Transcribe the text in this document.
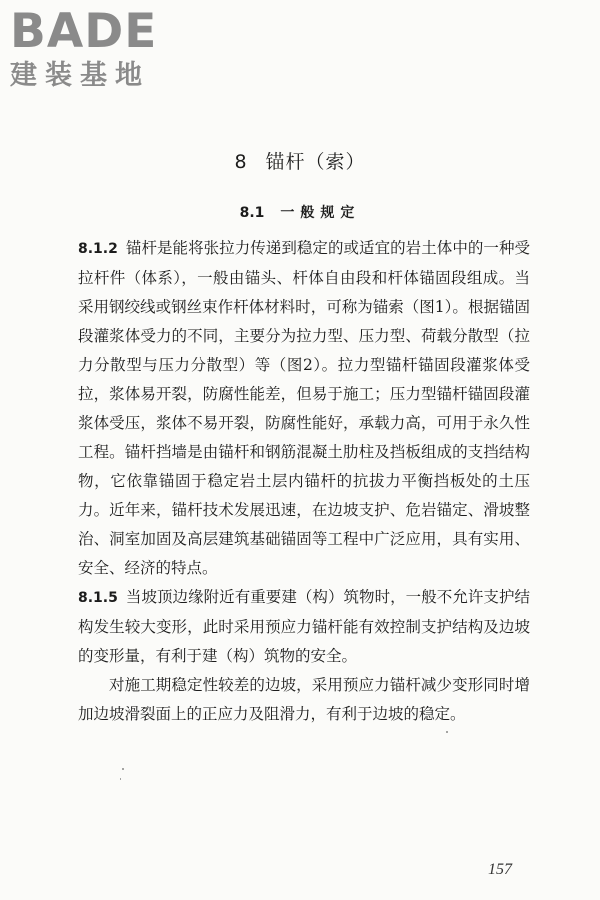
BADE
建装基地
8 锚杆（索）
8.1 一般规定

8.1.2 锚杆是能将张拉力传递到稳定的或适宜的岩土体中的一种受拉杆件（体系），一般由锚头、杆体自由段和杆体锚固段组成。当采用钢绞线或钢丝束作杆体材料时，可称为锚索（图1）。根据锚固段灌浆体受力的不同，主要分为拉力型、压力型、荷载分散型（拉力分散型与压力分散型）等（图2）。拉力型锚杆锚固段灌浆体受拉，浆体易开裂，防腐性能差，但易于施工；压力型锚杆锚固段灌浆体受压，浆体不易开裂，防腐性能好，承载力高，可用于永久性工程。锚杆挡墙是由锚杆和钢筋混凝土肋柱及挡板组成的支挡结构物，它依靠锚固于稳定岩土层内锚杆的抗拔力平衡挡板处的土压力。近年来，锚杆技术发展迅速，在边坡支护、危岩锚定、滑坡整治、洞室加固及高层建筑基础锚固等工程中广泛应用，具有实用、安全、经济的特点。

8.1.5 当坡顶边缘附近有重要建（构）筑物时，一般不允许支护结构发生较大变形，此时采用预应力锚杆能有效控制支护结构及边坡的变形量，有利于建（构）筑物的安全。

对施工期稳定性较差的边坡，采用预应力锚杆减少变形同时增加边坡滑裂面上的正应力及阻滑力，有利于边坡的稳定。

157
